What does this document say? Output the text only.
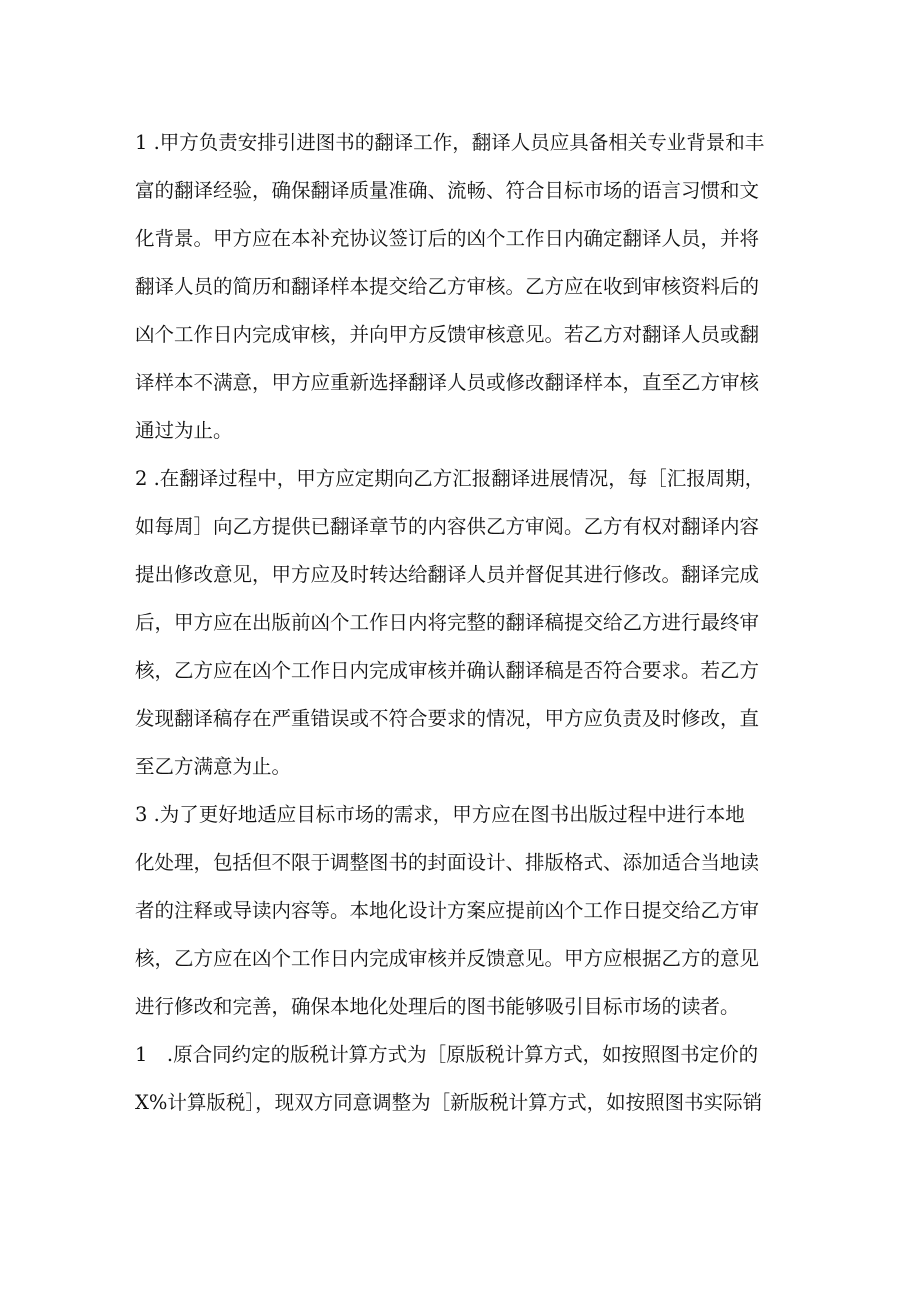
1 .甲方负责安排引进图书的翻译工作，翻译人员应具备相关专业背景和丰
富的翻译经验，确保翻译质量准确、流畅、符合目标市场的语言习惯和文
化背景。甲方应在本补充协议签订后的凶个工作日内确定翻译人员，并将
翻译人员的简历和翻译样本提交给乙方审核。乙方应在收到审核资料后的
凶个工作日内完成审核，并向甲方反馈审核意见。若乙方对翻译人员或翻
译样本不满意，甲方应重新选择翻译人员或修改翻译样本，直至乙方审核
通过为止。
2 .在翻译过程中，甲方应定期向乙方汇报翻译进展情况，每［汇报周期，
如每周］向乙方提供已翻译章节的内容供乙方审阅。乙方有权对翻译内容
提出修改意见，甲方应及时转达给翻译人员并督促其进行修改。翻译完成
后，甲方应在出版前凶个工作日内将完整的翻译稿提交给乙方进行最终审
核，乙方应在凶个工作日内完成审核并确认翻译稿是否符合要求。若乙方
发现翻译稿存在严重错误或不符合要求的情况，甲方应负责及时修改，直
至乙方满意为止。
3 .为了更好地适应目标市场的需求，甲方应在图书出版过程中进行本地
化处理，包括但不限于调整图书的封面设计、排版格式、添加适合当地读
者的注释或导读内容等。本地化设计方案应提前凶个工作日提交给乙方审
核，乙方应在凶个工作日内完成审核并反馈意见。甲方应根据乙方的意见
进行修改和完善，确保本地化处理后的图书能够吸引目标市场的读者。
1　.原合同约定的版税计算方式为［原版税计算方式，如按照图书定价的
X%计算版税］，现双方同意调整为［新版税计算方式，如按照图书实际销
